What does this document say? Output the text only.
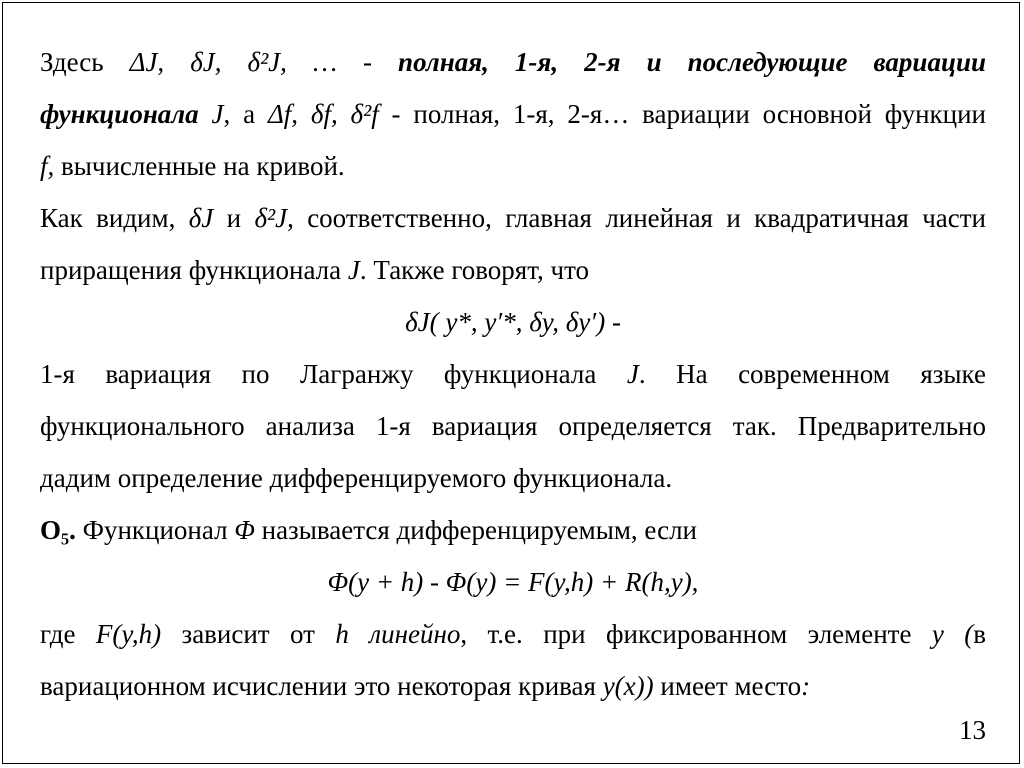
Здесь ΔJ, δJ, δ²J, … - полная, 1-я, 2-я и последующие вариации
функционала J, а Δf, δf, δ²f - полная, 1-я, 2-я… вариации основной функции
f, вычисленные на кривой.
Как видим, δJ и δ²J, соответственно, главная линейная и квадратичная части
приращения функционала J. Также говорят, что
δJ( y*, y′*, δy, δy′) -
1-я вариация по Лагранжу функционала J. На современном языке
функционального анализа 1-я вариация определяется так. Предварительно
дадим определение дифференцируемого функционала.
O₅. Функционал Φ называется дифференцируемым, если
Φ(y + h) - Φ(y) = F(y,h) + R(h,y),
где F(y,h) зависит от h линейно, т.е. при фиксированном элементе y (в
вариационном исчислении это некоторая кривая y(x)) имеет место:
13
